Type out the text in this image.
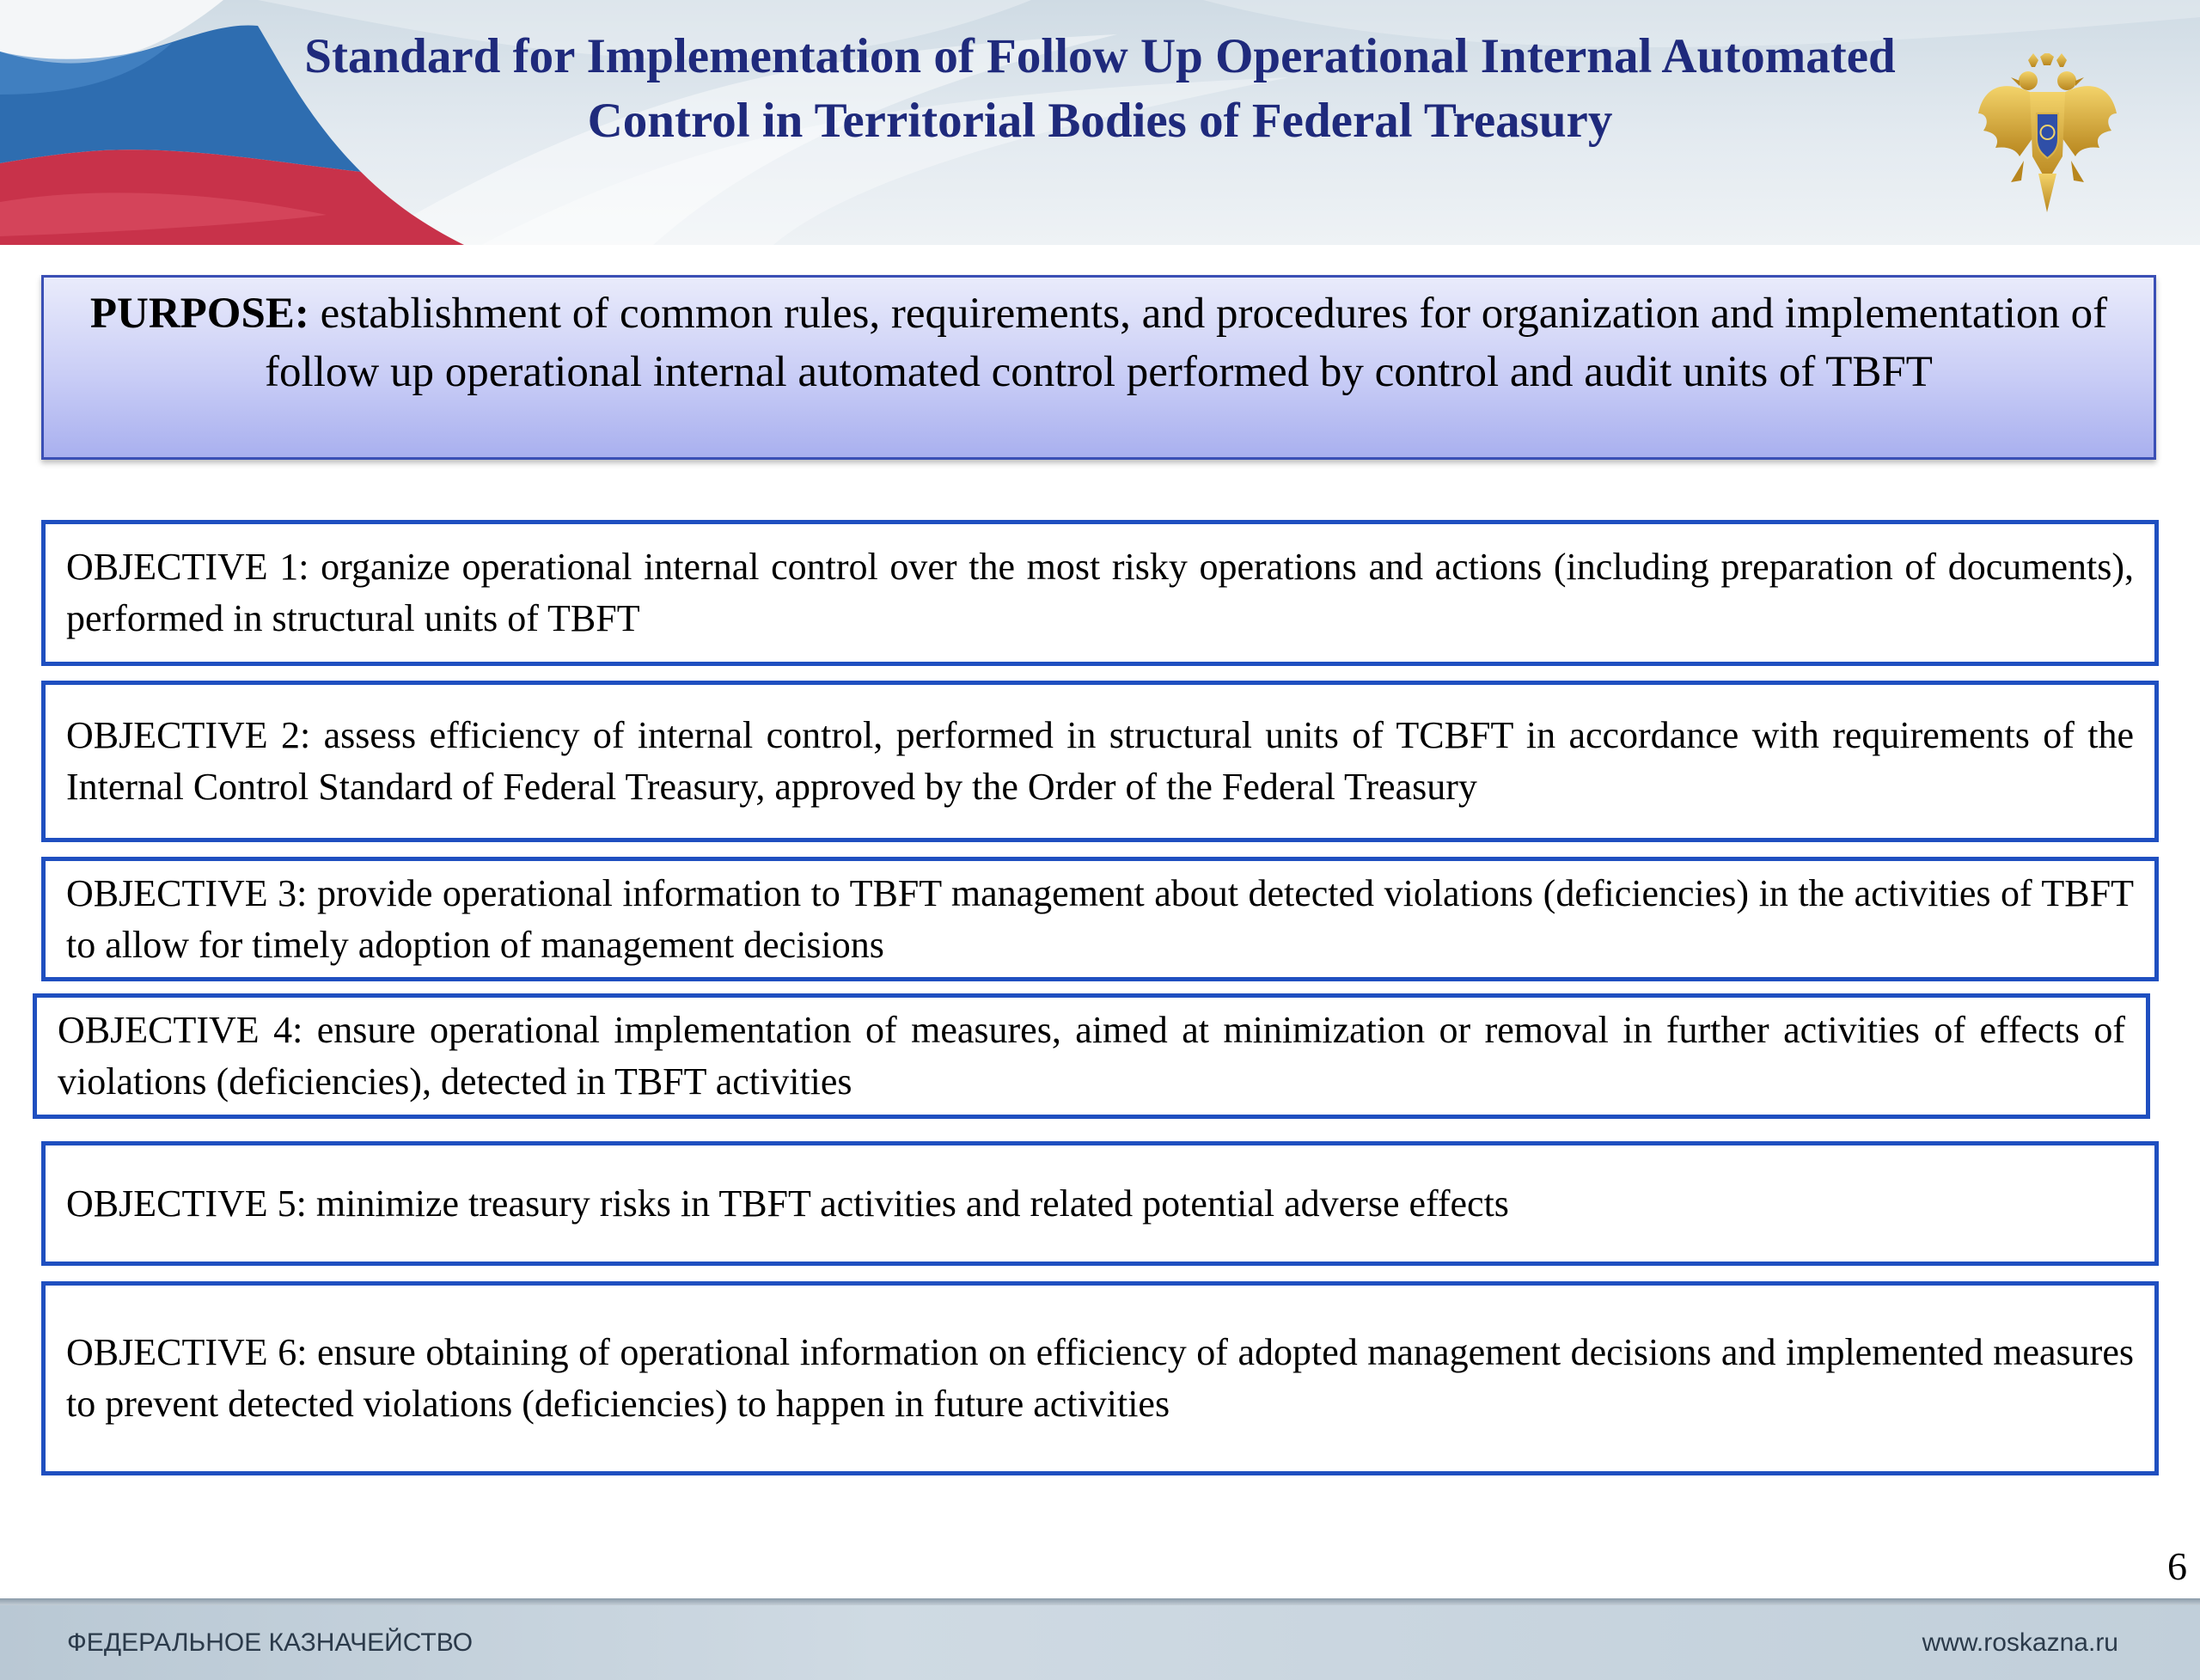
Standard for Implementation of Follow Up Operational Internal Automated
Control in Territorial Bodies of Federal Treasury
PURPOSE: establishment of common rules, requirements, and procedures for organization and implementation of follow up operational internal automated control performed by control and audit units of TBFT
OBJECTIVE 1: organize operational internal control over the most risky operations and actions (including preparation of documents), performed in structural units of TBFT
OBJECTIVE 2: assess efficiency of internal control, performed in structural units of TCBFT in accordance with requirements of the Internal Control Standard of Federal Treasury, approved by the Order of the Federal Treasury
OBJECTIVE 3: provide operational information to TBFT management about detected violations (deficiencies) in the activities of TBFT to allow for timely adoption of management decisions
OBJECTIVE 4: ensure operational implementation of measures, aimed at minimization or removal in further activities of effects of violations (deficiencies), detected in TBFT activities
OBJECTIVE 5: minimize treasury risks in TBFT activities and related potential adverse effects
OBJECTIVE 6: ensure obtaining of operational information on efficiency of adopted management decisions and implemented measures to prevent detected violations (deficiencies) to happen in future activities
6
ФЕДЕРАЛЬНОЕ КАЗНАЧЕЙСТВО	www.roskazna.ru
